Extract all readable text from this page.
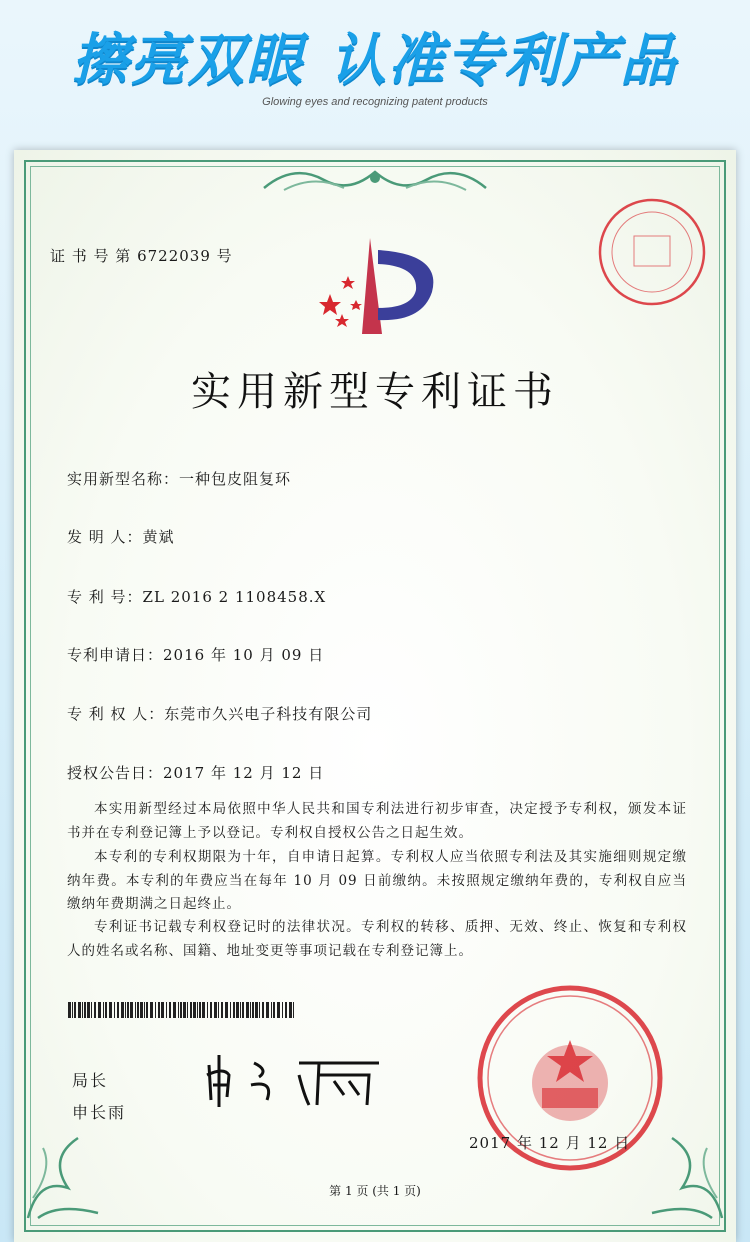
擦亮双眼 认准专利产品
Glowing eyes and recognizing patent products
证 书 号 第 6722039 号
实用新型专利证书
实用新型名称：一种包皮阻复环
发 明 人：黄斌
专 利 号：ZL 2016 2 1108458.X
专利申请日：2016 年 10 月 09 日
专 利 权 人：东莞市久兴电子科技有限公司
授权公告日：2017 年 12 月 12 日
本实用新型经过本局依照中华人民共和国专利法进行初步审查，决定授予专利权，颁发本证书并在专利登记簿上予以登记。专利权自授权公告之日起生效。
本专利的专利权期限为十年，自申请日起算。专利权人应当依照专利法及其实施细则规定缴纳年费。本专利的年费应当在每年 10 月 09 日前缴纳。未按照规定缴纳年费的，专利权自应当缴纳年费期满之日起终止。
专利证书记载专利权登记时的法律状况。专利权的转移、质押、无效、终止、恢复和专利权人的姓名或名称、国籍、地址变更等事项记载在专利登记簿上。
局长
申长雨
2017 年 12 月 12 日
第 1 页 (共 1 页)
